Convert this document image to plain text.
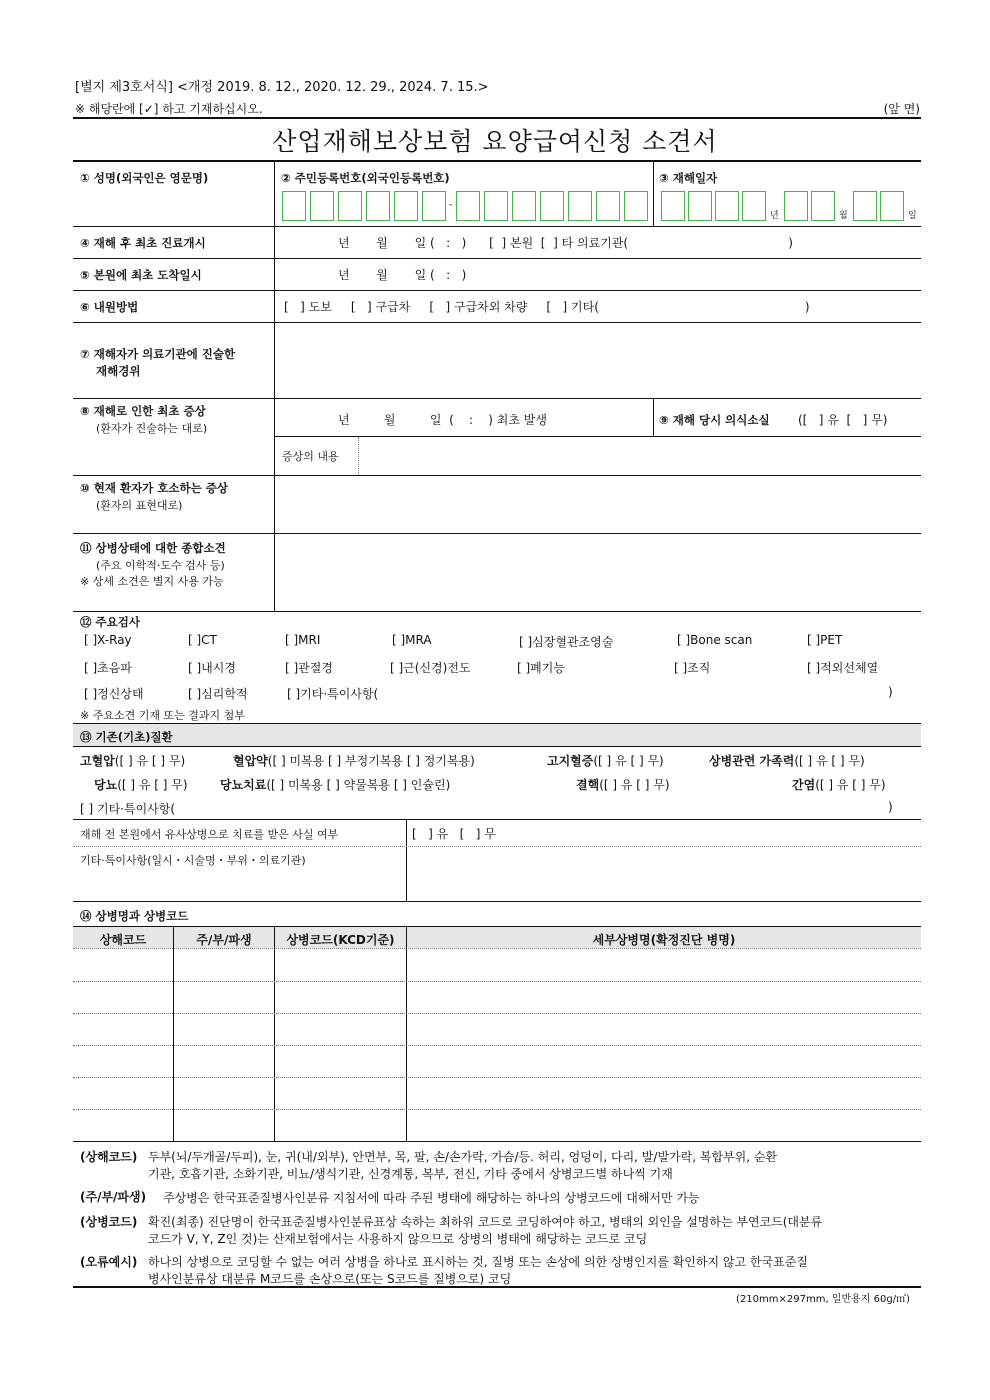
[별지 제3호서식] <개정 2019. 8. 12., 2020. 12. 29., 2024. 7. 15.>
※ 해당란에 [✓] 하고 기재하십시오.	(앞 면)
산업재해보상보험 요양급여신청 소견서
① 성명(외국인은 영문명)	② 주민등록번호(외국인등록번호)	③ 재해일자
-
년	월	일
④ 재해 후 최초 진료개시	년       월       일 (   :   )      [  ] 본원  [  ] 타 의료기관(                                          )
⑤ 본원에 최초 도착일시	년       월       일 (   :   )
⑥ 내원방법	[   ] 도보     [   ] 구급차     [   ] 구급차외 차량     [   ] 기타(                                                      )
⑦ 재해자가 의료기관에 진술한
재해경위
⑧ 재해로 인한 최초 증상
(환자가 진술하는 대로)
년         월         일  (    :    ) 최초 발생	⑨ 재해 당시 의식소실 ([   ] 유  [   ] 무)
증상의 내용
⑩ 현재 환자가 호소하는 증상
(환자의 표현대로)
⑪ 상병상태에 대한 종합소견
(주요 이학적·도수 검사 등)
※ 상세 소견은 별지 사용 가능
⑫ 주요검사
[ ]X-Ray	[ ]CT	[ ]MRI	[ ]MRA	[ ]심장혈관조영술	[ ]Bone scan	[ ]PET
[ ]초음파	[ ]내시경	[ ]관절경	[ ]근(신경)전도	[ ]폐기능	[ ]조직	[ ]적외선체열
[ ]정신상태	[ ]심리학적	[ ]기타·특이사항(	)
※ 주요소견 기재 또는 결과지 첨부
⑬ 기존(기초)질환
고혈압([ ] 유 [ ] 무)	혈압약([ ] 미복용 [ ] 부정기복용 [ ] 정기복용)	고지혈증([ ] 유 [ ] 무)	상병관련 가족력([ ] 유 [ ] 무)
당뇨([ ] 유 [ ] 무)	당뇨치료([ ] 미복용 [ ] 약물복용 [ ] 인슐린)	결핵([ ] 유 [ ] 무)	간염([ ] 유 [ ] 무)
[ ] 기타·특이사항(	)
재해 전 본원에서 유사상병으로 치료를 받은 사실 여부	[   ] 유   [   ] 무
기타·특이사항(일시・시술명・부위・의료기관)
⑭ 상병명과 상병코드
상해코드	주/부/파생	상병코드(KCD기준)	세부상병명(확정진단 병명)
(상해코드) 두부(뇌/두개골/두피), 눈, 귀(내/외부), 안면부, 목, 팔, 손/손가락, 가슴/등. 허리, 엉덩이, 다리, 발/발가락, 복합부위, 순환
기관, 호흡기관, 소화기관, 비뇨/생식기관, 신경계통, 복부, 전신, 기타 중에서 상병코드별 하나씩 기재
(주/부/파생) 주상병은 한국표준질병사인분류 지침서에 따라 주된 병태에 해당하는 하나의 상병코드에 대해서만 가능
(상병코드) 확진(최종) 진단명이 한국표준질병사인분류표상 속하는 최하위 코드로 코딩하여야 하고, 병태의 외인을 설명하는 부연코드(대분류
코드가 V, Y, Z인 것)는 산재보험에서는 사용하지 않으므로 상병의 병태에 해당하는 코드로 코딩
(오류예시) 하나의 상병으로 코딩할 수 없는 여러 상병을 하나로 표시하는 것, 질병 또는 손상에 의한 상병인지를 확인하지 않고 한국표준질
병사인분류상 대분류 M코드를 손상으로(또는 S코드를 질병으로) 코딩
(210mm×297mm, 일반용지 60g/㎡)
